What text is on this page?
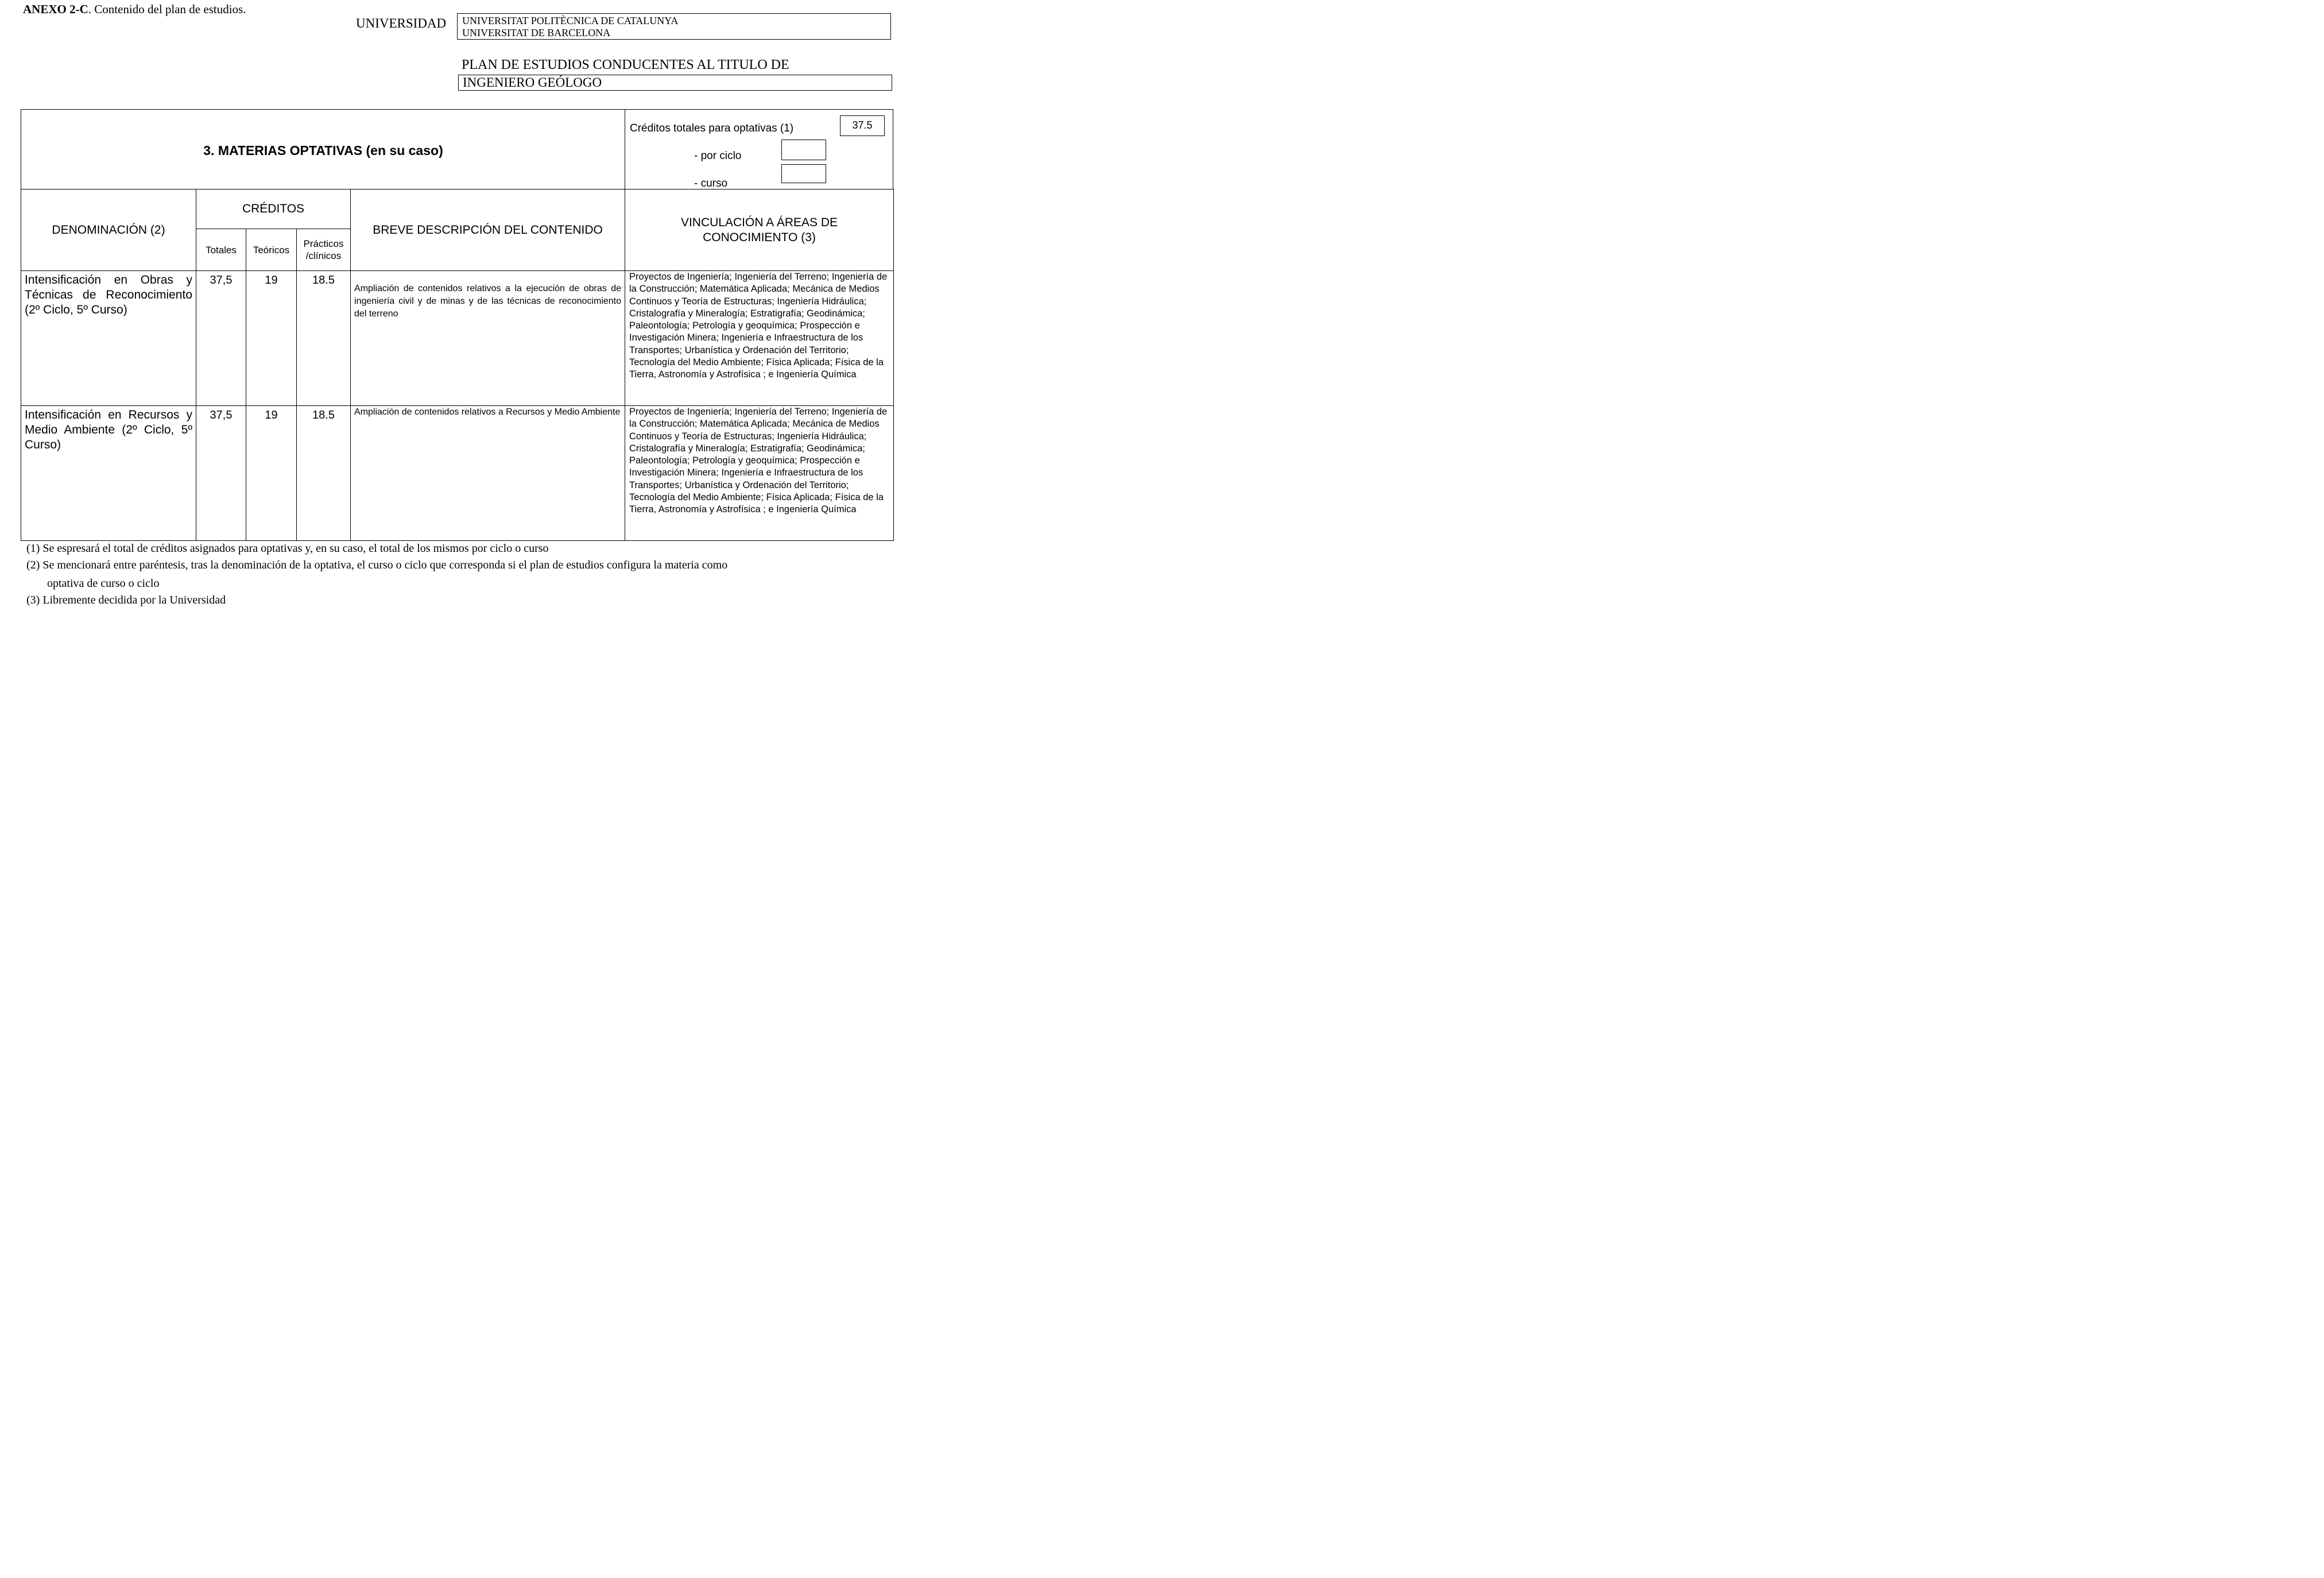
ANEXO 2-C. Contenido del plan de estudios.
UNIVERSIDAD UNIVERSITAT POLITÈCNICA DE CATALUNYA
UNIVERSITAT DE BARCELONA
PLAN DE ESTUDIOS CONDUCENTES AL TITULO DE
INGENIERO GEÓLOGO
3. MATERIAS OPTATIVAS (en su caso)
Créditos totales para optativas (1)	37.5
- por ciclo
- curso
DENOMINACIÓN (2)	CRÉDITOS			BREVE DESCRIPCIÓN DEL CONTENIDO	VINCULACIÓN A ÁREAS DE CONOCIMIENTO (3)
	Totales	Teóricos	Prácticos
/clínicos		

Intensificación en Obras y Técnicas de Reconocimiento (2º Ciclo, 5º Curso)	37,5	19	18.5	Ampliación de contenidos relativos a la ejecución de obras de ingeniería civil y de minas y de las técnicas de reconocimiento del terreno	Proyectos de Ingeniería; Ingeniería del Terreno; Ingeniería de la Construcción; Matemática Aplicada; Mecánica de Medios Continuos y Teoría de Estructuras; Ingeniería Hidráulica; Cristalografía y Mineralogía; Estratigrafía; Geodinámica; Paleontología; Petrología y geoquímica; Prospección e Investigación Minera; Ingeniería e Infraestructura de los Transportes; Urbanística y Ordenación del Territorio; Tecnología del Medio Ambiente; Física Aplicada; Física de la Tierra, Astronomía y Astrofísica ; e Ingeniería Química
Intensificación en Recursos y Medio Ambiente (2º Ciclo, 5º Curso)	37,5	19	18.5	Ampliación de contenidos relativos a Recursos y Medio Ambiente	Proyectos de Ingeniería; Ingeniería del Terreno; Ingeniería de la Construcción; Matemática Aplicada; Mecánica de Medios Continuos y Teoría de Estructuras; Ingeniería Hidráulica; Cristalografía y Mineralogía; Estratigrafía; Geodinámica; Paleontología; Petrología y geoquímica; Prospección e Investigación Minera; Ingeniería e Infraestructura de los Transportes; Urbanística y Ordenación del Territorio; Tecnología del Medio Ambiente; Física Aplicada; Física de la Tierra, Astronomía y Astrofísica ; e Ingeniería Química
(1) Se espresará el total de créditos asignados para optativas y, en su caso, el total de los mismos por ciclo o curso
(2) Se mencionará entre paréntesis, tras la denominación de la optativa, el curso o ciclo que corresponda si el plan de estudios configura la materia como
optativa de curso o ciclo
(3) Libremente decidida por la Universidad
